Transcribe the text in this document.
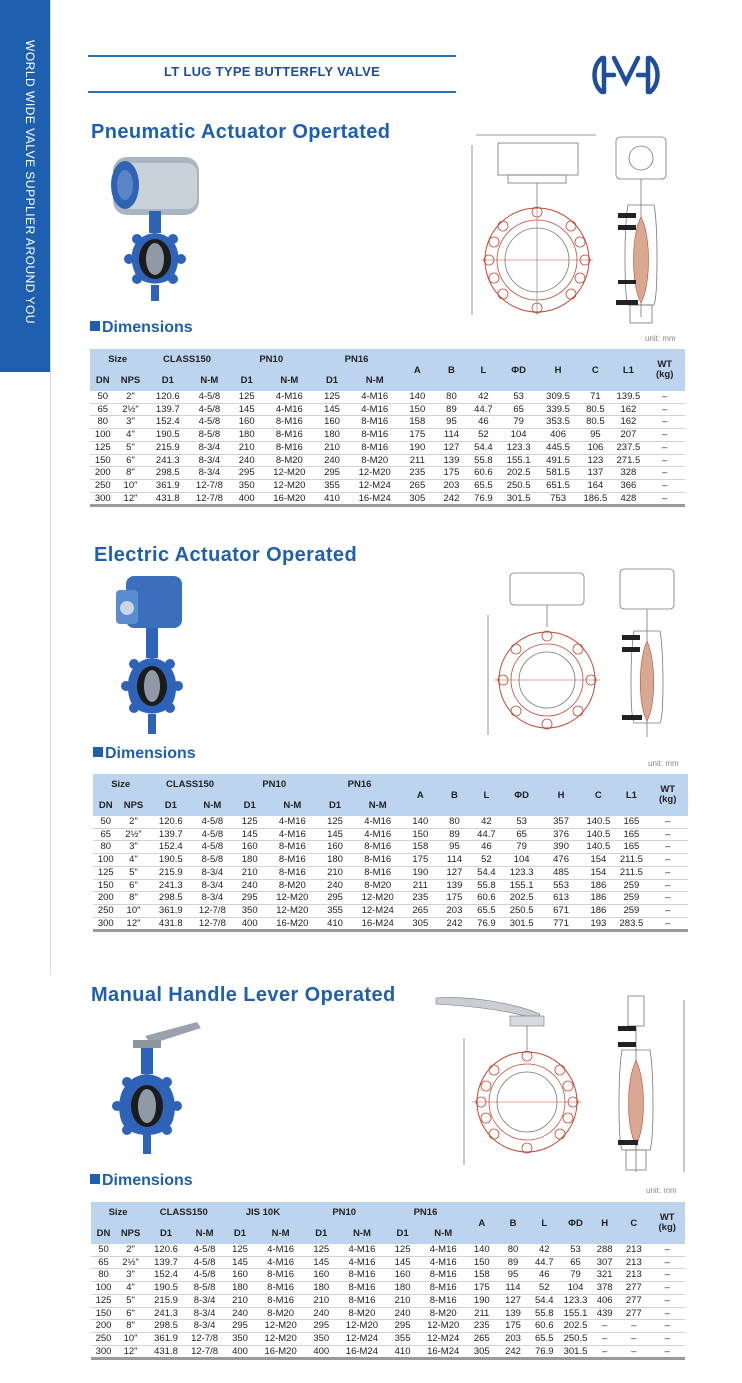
WORLD WIDE VALVE SUPPLIER AROUND YOU	LT LUG TYPE BUTTERFLY VALVE
Pneumatic Actuator Opertated
Dimensions
unit: mm
Size		CLASS150		PN10		PN16		A	B	L	ΦD	H	C	L1	WT
(kg)
DN	NPS	D1	N-M	D1	N-M	D1	N-M								
50	2"	120.6	4-5/8	125	4-M16	125	4-M16	140	80	42	53	309.5	71	139.5	–
65	2½"	139.7	4-5/8	145	4-M16	145	4-M16	150	89	44.7	65	339.5	80.5	162	–
80	3"	152.4	4-5/8	160	8-M16	160	8-M16	158	95	46	79	353.5	80.5	162	–
100	4"	190.5	8-5/8	180	8-M16	180	8-M16	175	114	52	104	406	95	207	–
125	5"	215.9	8-3/4	210	8-M16	210	8-M16	190	127	54.4	123.3	445.5	106	237.5	–
150	6"	241.3	8-3/4	240	8-M20	240	8-M20	211	139	55.8	155.1	491.5	123	271.5	–
200	8"	298.5	8-3/4	295	12-M20	295	12-M20	235	175	60.6	202.5	581.5	137	328	–
250	10"	361.9	12-7/8	350	12-M20	355	12-M24	265	203	65.5	250.5	651.5	164	366	–
300	12"	431.8	12-7/8	400	16-M20	410	16-M24	305	242	76.9	301.5	753	186.5	428	–
Electric Actuator Operated
Dimensions
unit: mm
Size		CLASS150		PN10		PN16		A	B	L	ΦD	H	C	L1	WT
(kg)
DN	NPS	D1	N-M	D1	N-M	D1	N-M								
50	2"	120.6	4-5/8	125	4-M16	125	4-M16	140	80	42	53	357	140.5	165	–
65	2½"	139.7	4-5/8	145	4-M16	145	4-M16	150	89	44.7	65	376	140.5	165	–
80	3"	152.4	4-5/8	160	8-M16	160	8-M16	158	95	46	79	390	140.5	165	–
100	4"	190.5	8-5/8	180	8-M16	180	8-M16	175	114	52	104	476	154	211.5	–
125	5"	215.9	8-3/4	210	8-M16	210	8-M16	190	127	54.4	123.3	485	154	211.5	–
150	6"	241.3	8-3/4	240	8-M20	240	8-M20	211	139	55.8	155.1	553	186	259	–
200	8"	298.5	8-3/4	295	12-M20	295	12-M20	235	175	60.6	202.5	613	186	259	–
250	10"	361.9	12-7/8	350	12-M20	355	12-M24	265	203	65.5	250.5	671	186	259	–
300	12"	431.8	12-7/8	400	16-M20	410	16-M24	305	242	76.9	301.5	771	193	283.5	–
Manual Handle Lever Operated
Dimensions
unit: mm
Size		CLASS150		JIS 10K		PN10		PN16		A	B	L	ΦD	H	C	WT
(kg)
DN	NPS	D1	N-M	D1	N-M	D1	N-M	D1	N-M							
50	2"	120.6	4-5/8	125	4-M16	125	4-M16	125	4-M16	140	80	42	53	288	213	–
65	2½"	139.7	4-5/8	145	4-M16	145	4-M16	145	4-M16	150	89	44.7	65	307	213	–
80	3"	152.4	4-5/8	160	8-M16	160	8-M16	160	8-M16	158	95	46	79	321	213	–
100	4"	190.5	8-5/8	180	8-M16	180	8-M16	180	8-M16	175	114	52	104	378	277	–
125	5"	215.9	8-3/4	210	8-M16	210	8-M16	210	8-M16	190	127	54.4	123.3	406	277	–
150	6"	241.3	8-3/4	240	8-M20	240	8-M20	240	8-M20	211	139	55.8	155.1	439	277	–
200	8"	298.5	8-3/4	295	12-M20	295	12-M20	295	12-M20	235	175	60.6	202.5	–	–	–
250	10"	361.9	12-7/8	350	12-M20	350	12-M24	355	12-M24	265	203	65.5	250.5	–	–	–
300	12"	431.8	12-7/8	400	16-M20	400	16-M24	410	16-M24	305	242	76.9	301.5	–	–	–
